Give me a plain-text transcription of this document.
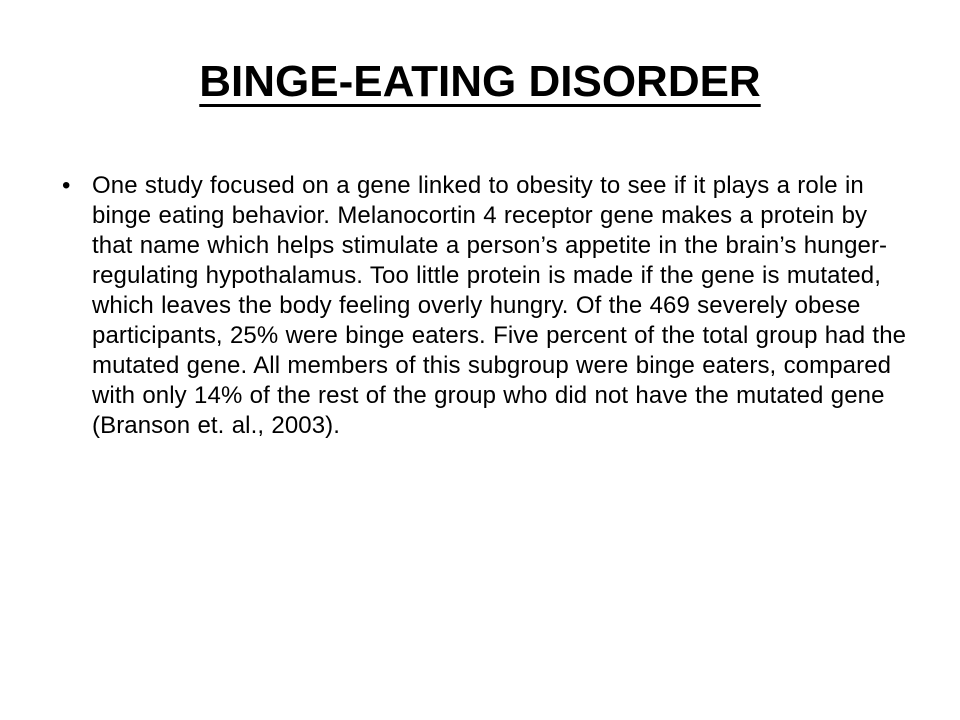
BINGE-EATING DISORDER
• One study focused on a gene linked to obesity to see if it plays a role in binge eating behavior. Melanocortin 4 receptor gene makes a protein by that name which helps stimulate a person’s appetite in the brain’s hunger-regulating hypothalamus. Too little protein is made if the gene is mutated, which leaves the body feeling overly hungry. Of the 469 severely obese participants, 25% were binge eaters. Five percent of the total group had the mutated gene. All members of this subgroup were binge eaters, compared with only 14% of the rest of the group who did not have the mutated gene (Branson et. al., 2003).
